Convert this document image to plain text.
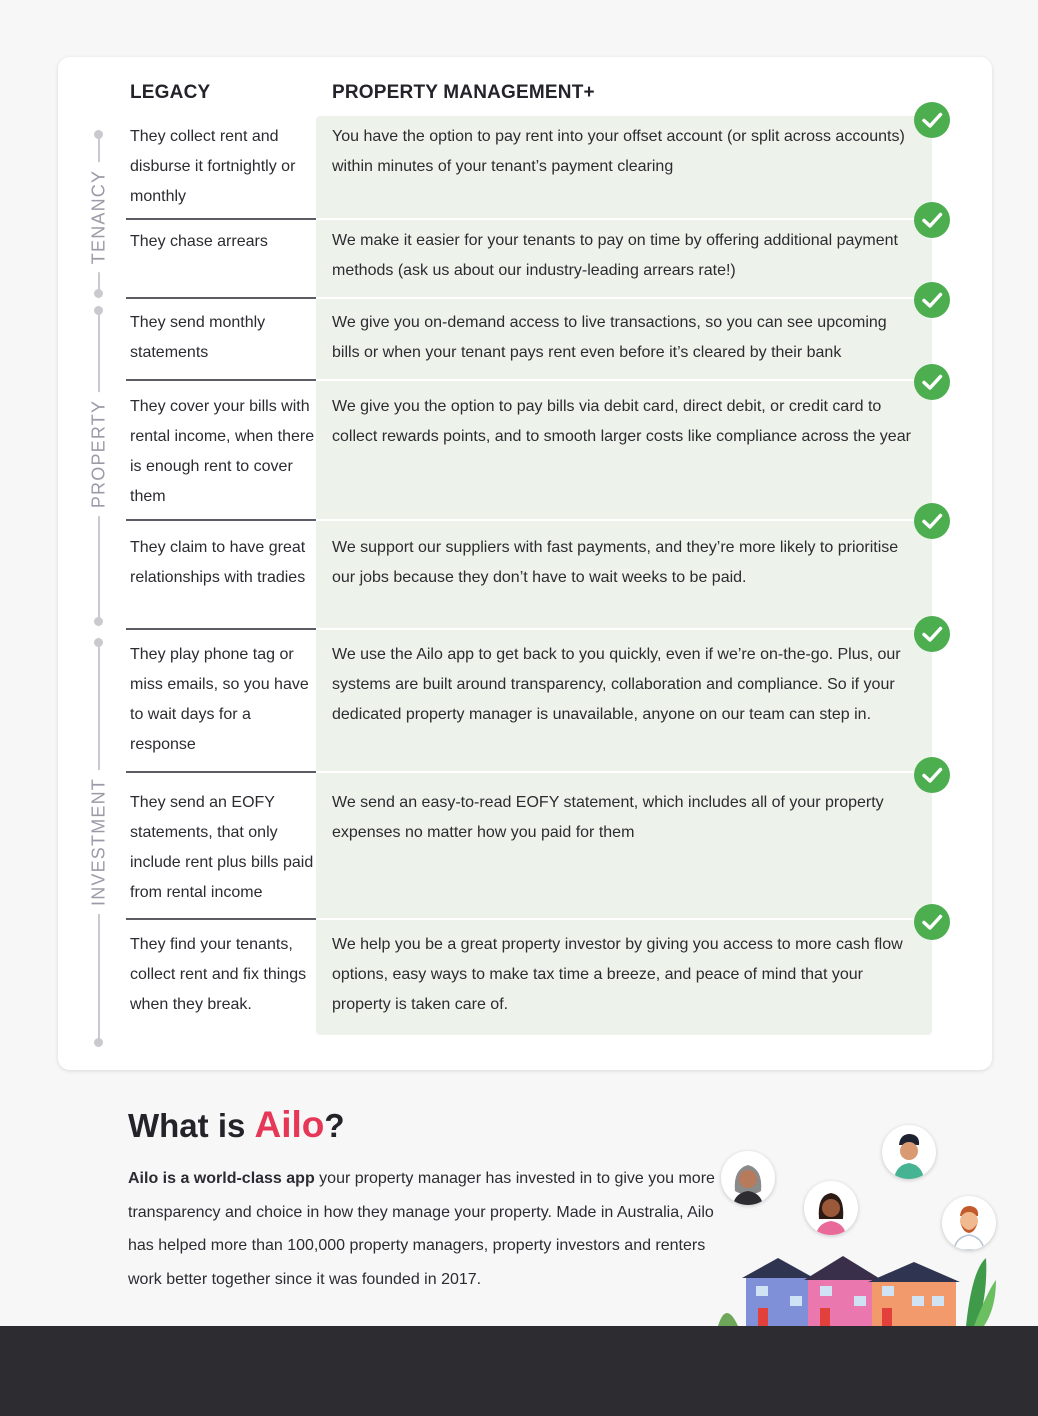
LEGACY	PROPERTY MANAGEMENT+
TENANCY
PROPERTY
INVESTMENT
They collect rent and disburse it fortnightly or monthly
You have the option to pay rent into your offset account (or split across accounts) within minutes of your tenant’s payment clearing
They chase arrears	We make it easier for your tenants to pay on time by offering additional payment methods (ask us about our industry-leading arrears rate!)
They send monthly statements
We give you on-demand access to live transactions, so you can see upcoming bills or when your tenant pays rent even before it’s cleared by their bank
They cover your bills with rental income, when there is enough rent to cover them
We give you the option to pay bills via debit card, direct debit, or credit card to collect rewards points, and to smooth larger costs like compliance across the year
They claim to have great relationships with tradies
We support our suppliers with fast payments, and they’re more likely to prioritise our jobs because they don’t have to wait weeks to be paid.
They play phone tag or miss emails, so you have to wait days for a response
We use the Ailo app to get back to you quickly, even if we’re on-the-go. Plus, our systems are built around transparency, collaboration and compliance. So if your dedicated property manager is unavailable, anyone on our team can step in.
They send an EOFY statements, that only include rent plus bills paid from rental income
We send an easy-to-read EOFY statement, which includes all of your property expenses no matter how you paid for them
They find your tenants, collect rent and fix things when they break.
We help you be a great property investor by giving you access to more cash flow options, easy ways to make tax time a breeze, and peace of mind that your property is taken care of.
What is Ailo?
Ailo is a world-class app your property manager has invested in to give you more transparency and choice in how they manage your property. Made in Australia, Ailo has helped more than 100,000 property managers, property investors and renters work better together since it was founded in 2017.
